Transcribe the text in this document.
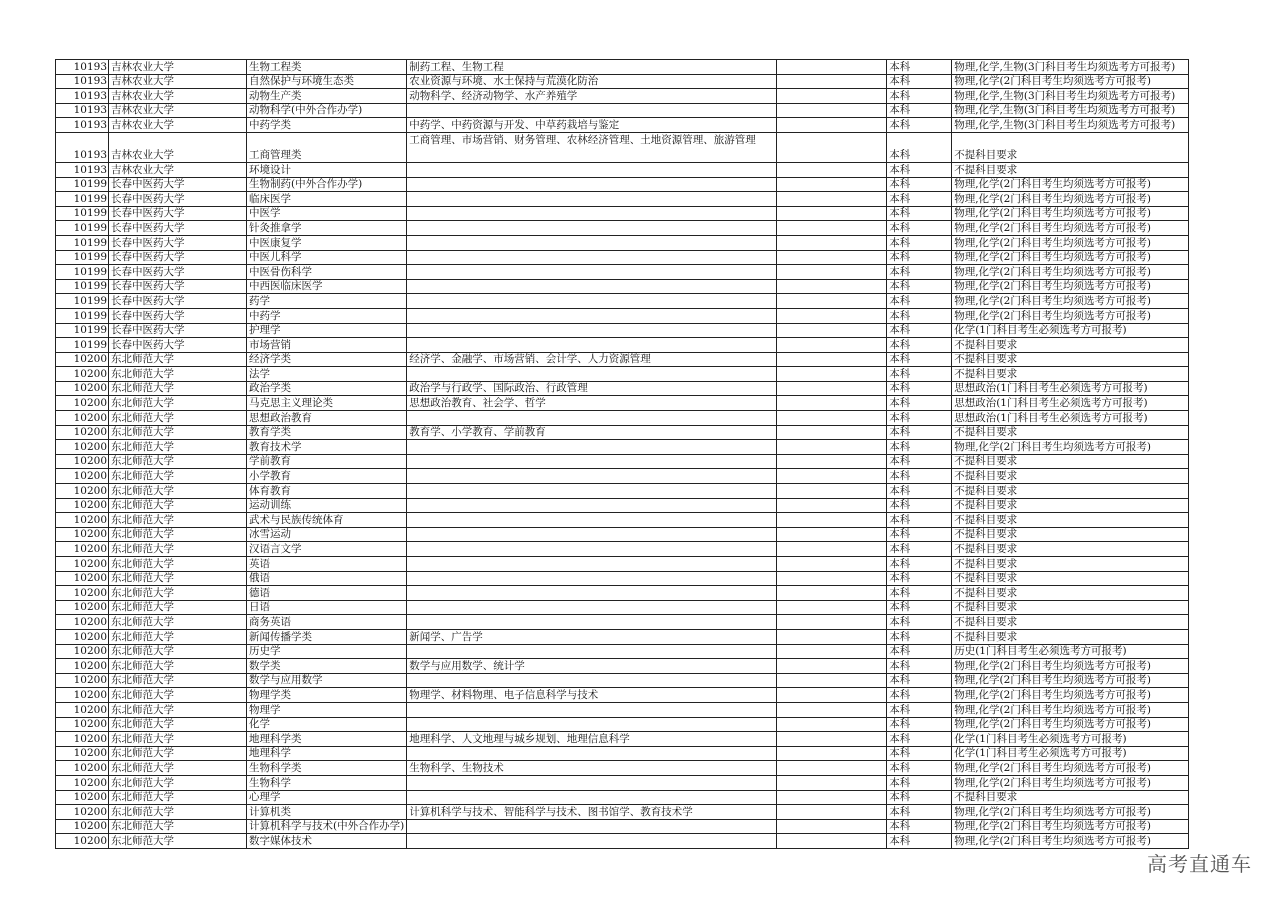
10193	吉林农业大学	生物工程类	制药工程、生物工程		本科	物理,化学,生物(3门科目考生均须选考方可报考)
10193	吉林农业大学	自然保护与环境生态类	农业资源与环境、水土保持与荒漠化防治		本科	物理,化学(2门科目考生均须选考方可报考)
10193	吉林农业大学	动物生产类	动物科学、经济动物学、水产养殖学		本科	物理,化学,生物(3门科目考生均须选考方可报考)
10193	吉林农业大学	动物科学(中外合作办学)			本科	物理,化学,生物(3门科目考生均须选考方可报考)
10193	吉林农业大学	中药学类	中药学、中药资源与开发、中草药栽培与鉴定		本科	物理,化学,生物(3门科目考生均须选考方可报考)
10193	吉林农业大学	工商管理类	工商管理、市场营销、财务管理、农林经济管理、土地资源管理、旅游管理		本科	不提科目要求
10193	吉林农业大学	环境设计			本科	不提科目要求
10199	长春中医药大学	生物制药(中外合作办学)			本科	物理,化学(2门科目考生均须选考方可报考)
10199	长春中医药大学	临床医学			本科	物理,化学(2门科目考生均须选考方可报考)
10199	长春中医药大学	中医学			本科	物理,化学(2门科目考生均须选考方可报考)
10199	长春中医药大学	针灸推拿学			本科	物理,化学(2门科目考生均须选考方可报考)
10199	长春中医药大学	中医康复学			本科	物理,化学(2门科目考生均须选考方可报考)
10199	长春中医药大学	中医儿科学			本科	物理,化学(2门科目考生均须选考方可报考)
10199	长春中医药大学	中医骨伤科学			本科	物理,化学(2门科目考生均须选考方可报考)
10199	长春中医药大学	中西医临床医学			本科	物理,化学(2门科目考生均须选考方可报考)
10199	长春中医药大学	药学			本科	物理,化学(2门科目考生均须选考方可报考)
10199	长春中医药大学	中药学			本科	物理,化学(2门科目考生均须选考方可报考)
10199	长春中医药大学	护理学			本科	化学(1门科目考生必须选考方可报考)
10199	长春中医药大学	市场营销			本科	不提科目要求
10200	东北师范大学	经济学类	经济学、金融学、市场营销、会计学、人力资源管理		本科	不提科目要求
10200	东北师范大学	法学			本科	不提科目要求
10200	东北师范大学	政治学类	政治学与行政学、国际政治、行政管理		本科	思想政治(1门科目考生必须选考方可报考)
10200	东北师范大学	马克思主义理论类	思想政治教育、社会学、哲学		本科	思想政治(1门科目考生必须选考方可报考)
10200	东北师范大学	思想政治教育			本科	思想政治(1门科目考生必须选考方可报考)
10200	东北师范大学	教育学类	教育学、小学教育、学前教育		本科	不提科目要求
10200	东北师范大学	教育技术学			本科	物理,化学(2门科目考生均须选考方可报考)
10200	东北师范大学	学前教育			本科	不提科目要求
10200	东北师范大学	小学教育			本科	不提科目要求
10200	东北师范大学	体育教育			本科	不提科目要求
10200	东北师范大学	运动训练			本科	不提科目要求
10200	东北师范大学	武术与民族传统体育			本科	不提科目要求
10200	东北师范大学	冰雪运动			本科	不提科目要求
10200	东北师范大学	汉语言文学			本科	不提科目要求
10200	东北师范大学	英语			本科	不提科目要求
10200	东北师范大学	俄语			本科	不提科目要求
10200	东北师范大学	德语			本科	不提科目要求
10200	东北师范大学	日语			本科	不提科目要求
10200	东北师范大学	商务英语			本科	不提科目要求
10200	东北师范大学	新闻传播学类	新闻学、广告学		本科	不提科目要求
10200	东北师范大学	历史学			本科	历史(1门科目考生必须选考方可报考)
10200	东北师范大学	数学类	数学与应用数学、统计学		本科	物理,化学(2门科目考生均须选考方可报考)
10200	东北师范大学	数学与应用数学			本科	物理,化学(2门科目考生均须选考方可报考)
10200	东北师范大学	物理学类	物理学、材料物理、电子信息科学与技术		本科	物理,化学(2门科目考生均须选考方可报考)
10200	东北师范大学	物理学			本科	物理,化学(2门科目考生均须选考方可报考)
10200	东北师范大学	化学			本科	物理,化学(2门科目考生均须选考方可报考)
10200	东北师范大学	地理科学类	地理科学、人文地理与城乡规划、地理信息科学		本科	化学(1门科目考生必须选考方可报考)
10200	东北师范大学	地理科学			本科	化学(1门科目考生必须选考方可报考)
10200	东北师范大学	生物科学类	生物科学、生物技术		本科	物理,化学(2门科目考生均须选考方可报考)
10200	东北师范大学	生物科学			本科	物理,化学(2门科目考生均须选考方可报考)
10200	东北师范大学	心理学			本科	不提科目要求
10200	东北师范大学	计算机类	计算机科学与技术、智能科学与技术、图书馆学、教育技术学		本科	物理,化学(2门科目考生均须选考方可报考)
10200	东北师范大学	计算机科学与技术(中外合作办学)			本科	物理,化学(2门科目考生均须选考方可报考)
10200	东北师范大学	数字媒体技术			本科	物理,化学(2门科目考生均须选考方可报考)
高考直通车
